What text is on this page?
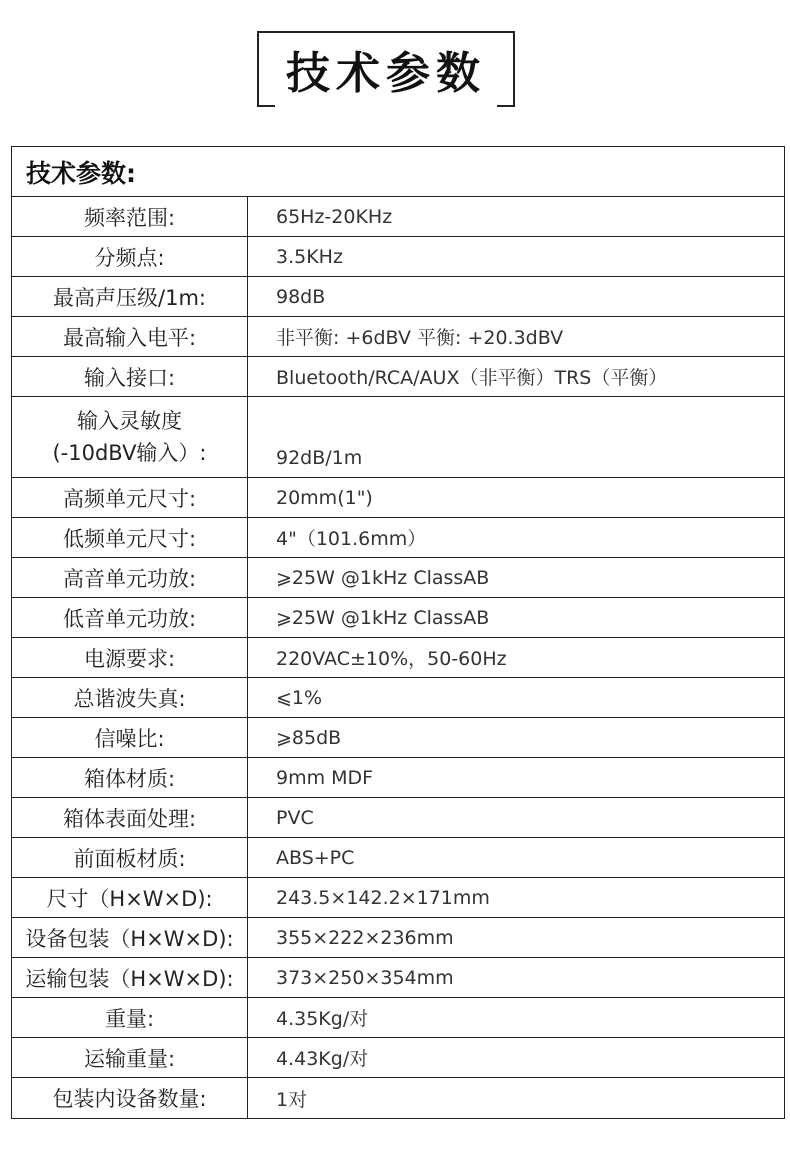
技术参数
技术参数:
频率范围:	65Hz-20KHz
分频点:	3.5KHz
最高声压级/1m:	98dB
最高输入电平:	非平衡: +6dBV 平衡: +20.3dBV
输入接口:	Bluetooth/RCA/AUX（非平衡）TRS（平衡）
输入灵敏度
(-10dBV输入）:	92dB/1m
高频单元尺寸:	20mm(1")
低频单元尺寸:	4"（101.6mm）
高音单元功放:	⩾25W @1kHz ClassAB
低音单元功放:	⩾25W @1kHz ClassAB
电源要求:	220VAC±10%，50-60Hz
总谐波失真:	⩽1%
信噪比:	⩾85dB
箱体材质:	9mm MDF
箱体表面处理:	PVC
前面板材质:	ABS+PC
尺寸（H×W×D):	243.5×142.2×171mm
设备包装（H×W×D):	355×222×236mm
运输包装（H×W×D):	373×250×354mm
重量:	4.35Kg/对
运输重量:	4.43Kg/对
包装内设备数量:	1对
